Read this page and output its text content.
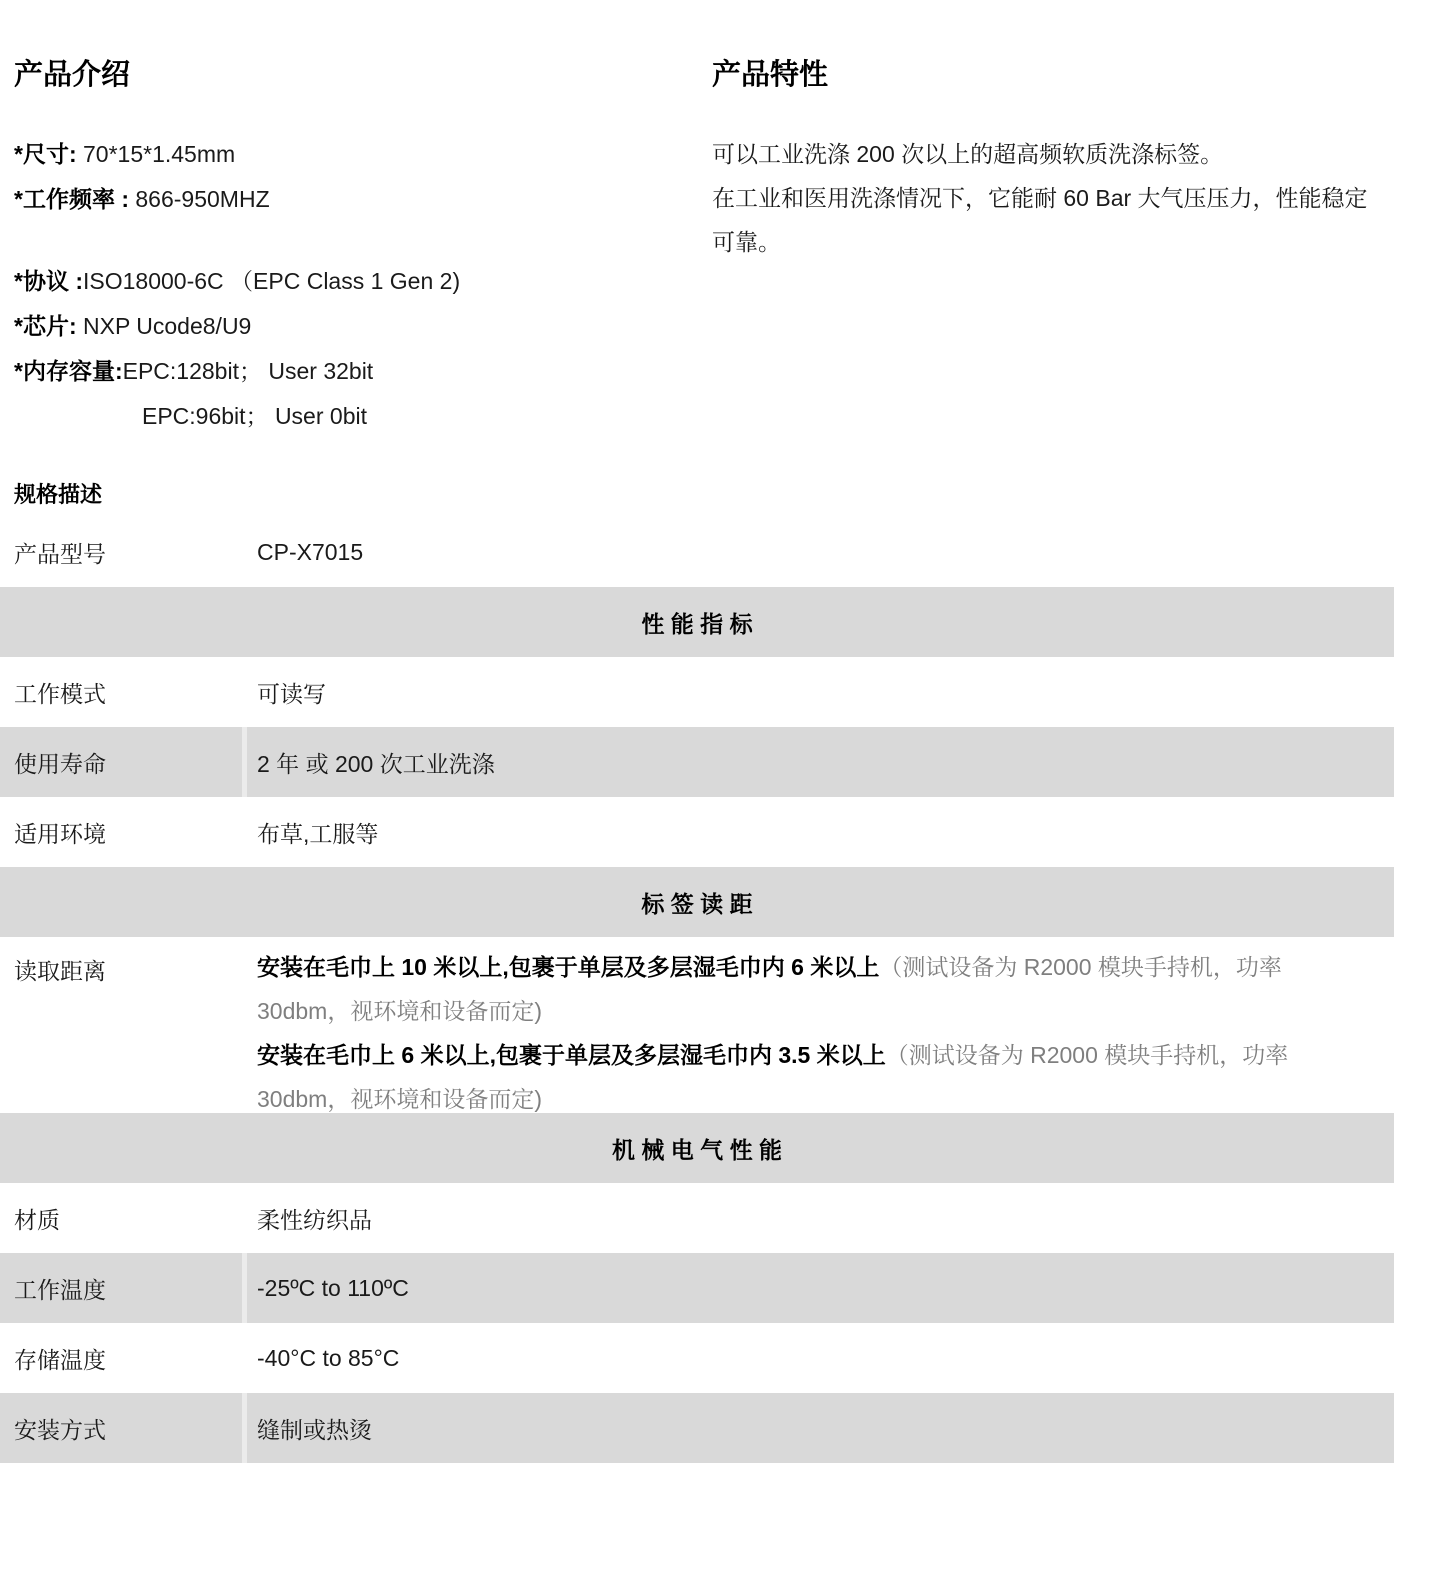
产品介绍
*尺寸: 70*15*1.45mm
*工作频率 : 866-950MHZ
*协议 :ISO18000-6C （EPC Class 1 Gen 2)
*芯片: NXP Ucode8/U9
*内存容量:EPC:128bit； User 32bit
EPC:96bit； User 0bit
产品特性
可以工业洗涤 200 次以上的超高频软质洗涤标签。
在工业和医用洗涤情况下，它能耐 60 Bar 大气压压力，性能稳定
可靠。
规格描述
产品型号	CP-X7015
性 能 指 标
工作模式	可读写
使用寿命	2 年 或 200 次工业洗涤
适用环境	布草,工服等
标 签 读 距
读取距离	安装在毛巾上 10 米以上,包裹于单层及多层湿毛巾内 6 米以上（测试设备为 R2000 模块手持机，功率
30dbm，视环境和设备而定)
安装在毛巾上 6 米以上,包裹于单层及多层湿毛巾内 3.5 米以上（测试设备为 R2000 模块手持机，功率
30dbm，视环境和设备而定)
机 械 电 气 性 能
材质	柔性纺织品
工作温度	-25ºC to 110ºC
存储温度	-40°C to 85°C
安装方式	缝制或热烫
